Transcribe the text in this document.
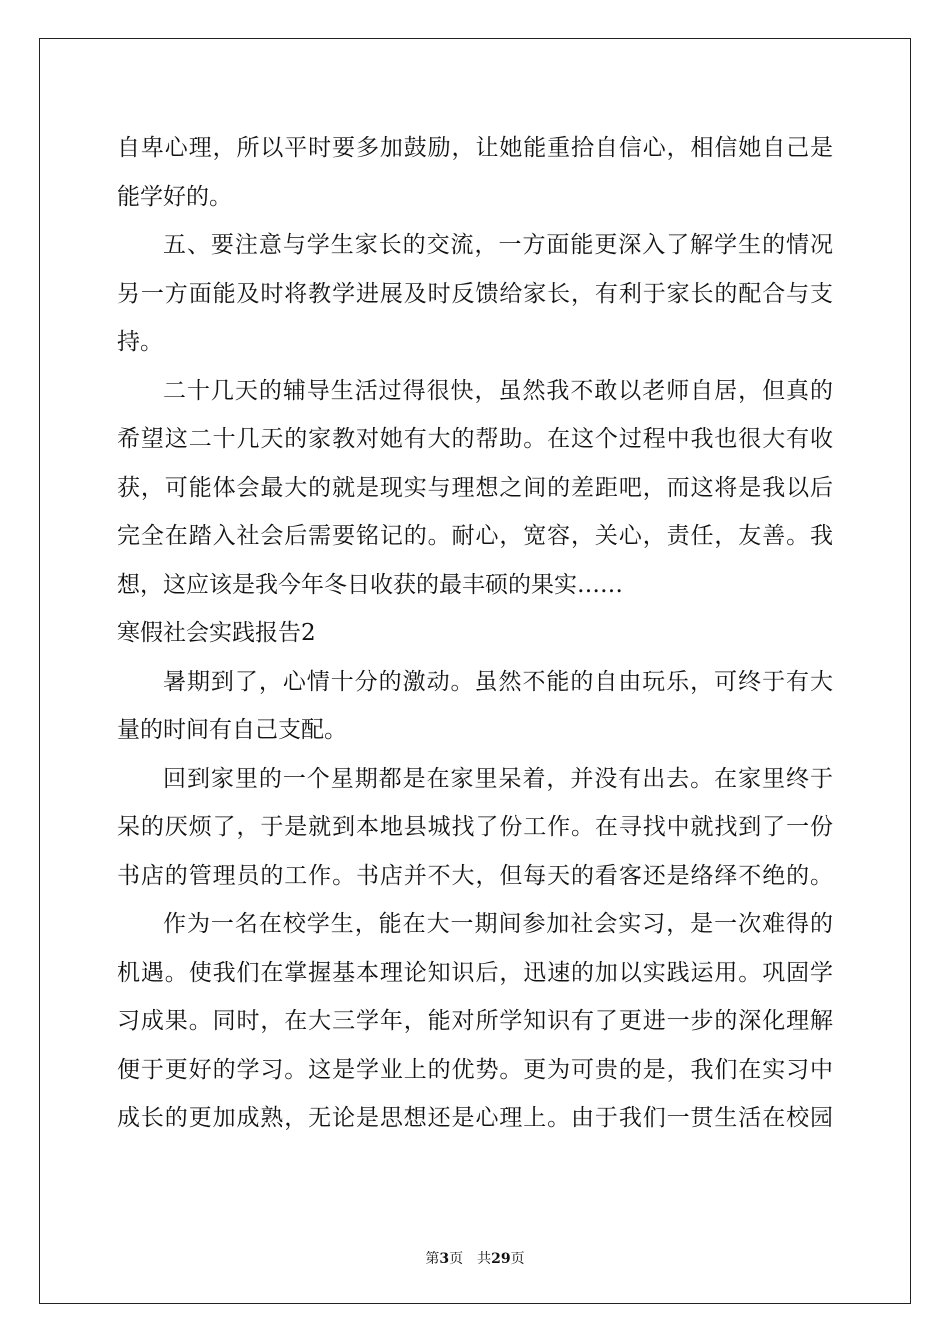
自卑心理，所以平时要多加鼓励，让她能重拾自信心，相信她自己是
能学好的。
五、要注意与学生家长的交流，一方面能更深入了解学生的情况
另一方面能及时将教学进展及时反馈给家长，有利于家长的配合与支
持。
二十几天的辅导生活过得很快，虽然我不敢以老师自居，但真的
希望这二十几天的家教对她有大的帮助。在这个过程中我也很大有收
获，可能体会最大的就是现实与理想之间的差距吧，而这将是我以后
完全在踏入社会后需要铭记的。耐心，宽容，关心，责任，友善。我
想，这应该是我今年冬日收获的最丰硕的果实……
寒假社会实践报告2
暑期到了，心情十分的激动。虽然不能的自由玩乐，可终于有大
量的时间有自己支配。
回到家里的一个星期都是在家里呆着，并没有出去。在家里终于
呆的厌烦了，于是就到本地县城找了份工作。在寻找中就找到了一份
书店的管理员的工作。书店并不大，但每天的看客还是络绎不绝的。
作为一名在校学生，能在大一期间参加社会实习，是一次难得的
机遇。使我们在掌握基本理论知识后，迅速的加以实践运用。巩固学
习成果。同时，在大三学年，能对所学知识有了更进一步的深化理解
便于更好的学习。这是学业上的优势。更为可贵的是，我们在实习中
成长的更加成熟，无论是思想还是心理上。由于我们一贯生活在校园
第3页 共29页
